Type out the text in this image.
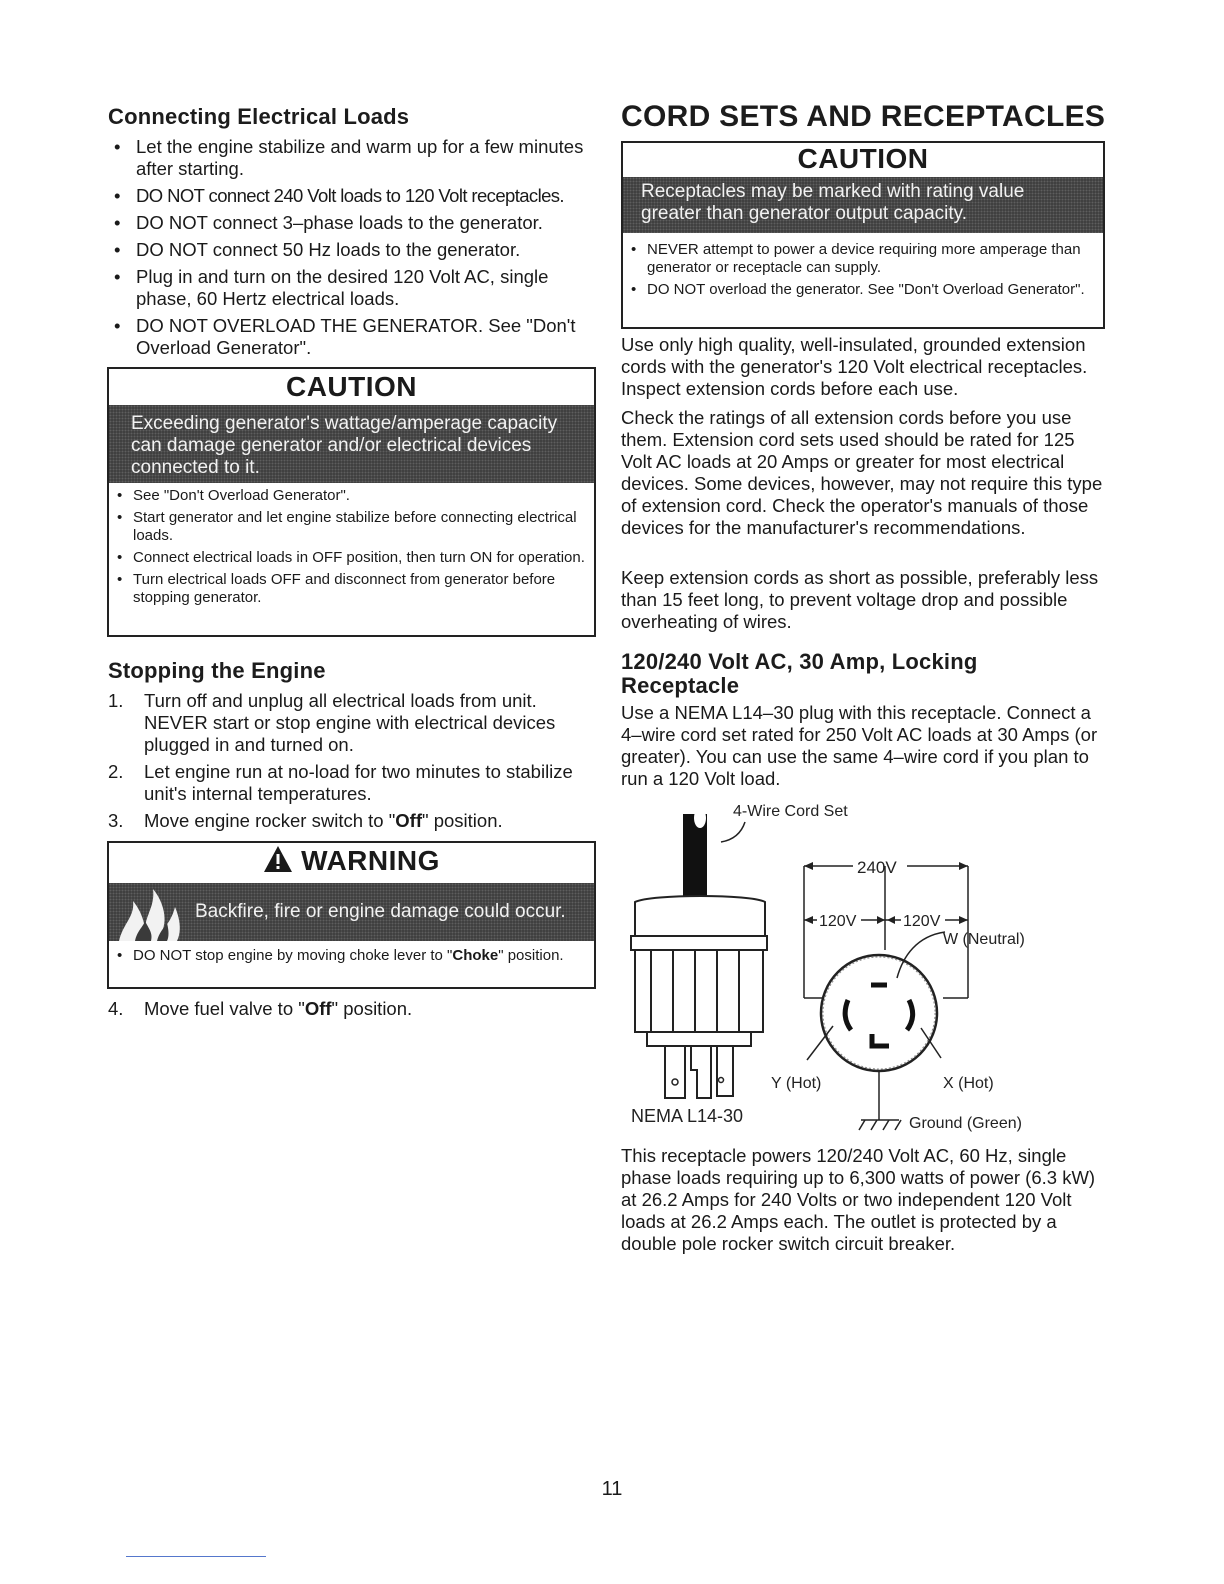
Connecting Electrical Loads
• Let the engine stabilize and warm up for a few minutes after starting.
• DO NOT connect 240 Volt loads to 120 Volt receptacles.
• DO NOT connect 3–phase loads to the generator.
• DO NOT connect 50 Hz loads to the generator.
• Plug in and turn on the desired 120 Volt AC, single phase, 60 Hertz electrical loads.
• DO NOT OVERLOAD THE GENERATOR. See "Don't Overload Generator".
CAUTION
Exceeding generator's wattage/amperage capacity can damage generator and/or electrical devices connected to it.
• See "Don't Overload Generator".
• Start generator and let engine stabilize before connecting electrical loads.
• Connect electrical loads in OFF position, then turn ON for operation.
• Turn electrical loads OFF and disconnect from generator before stopping generator.
Stopping the Engine
1. Turn off and unplug all electrical loads from unit. NEVER start or stop engine with electrical devices plugged in and turned on.
2. Let engine run at no-load for two minutes to stabilize unit's internal temperatures.
3. Move engine rocker switch to "Off" position.
WARNING
Backfire, fire or engine damage could occur.
• DO NOT stop engine by moving choke lever to "Choke" position.
4. Move fuel valve to "Off" position.
CORD SETS AND RECEPTACLES
CAUTION
Receptacles may be marked with rating value greater than generator output capacity.
• NEVER attempt to power a device requiring more amperage than generator or receptacle can supply.
• DO NOT overload the generator. See "Don't Overload Generator".

Use only high quality, well-insulated, grounded extension cords with the generator's 120 Volt electrical receptacles. Inspect extension cords before each use.

Check the ratings of all extension cords before you use them. Extension cord sets used should be rated for 125 Volt AC loads at 20 Amps or greater for most electrical devices. Some devices, however, may not require this type of extension cord. Check the operator's manuals of those devices for the manufacturer's recommendations.

Keep extension cords as short as possible, preferably less than 15 feet long, to prevent voltage drop and possible overheating of wires.

120/240 Volt AC, 30 Amp, Locking Receptacle

Use a NEMA L14–30 plug with this receptacle. Connect a 4–wire cord set rated for 250 Volt AC loads at 30 Amps (or greater). You can use the same 4–wire cord if you plan to run a 120 Volt load.

4-Wire Cord Set
NEMA L14-30
240V
120V	120V
W (Neutral)
Y (Hot)	X (Hot)
Ground (Green)

This receptacle powers 120/240 Volt AC, 60 Hz, single phase loads requiring up to 6,300 watts of power (6.3 kW) at 26.2 Amps for 240 Volts or two independent 120 Volt loads at 26.2 Amps each. The outlet is protected by a double pole rocker switch circuit breaker.

11
